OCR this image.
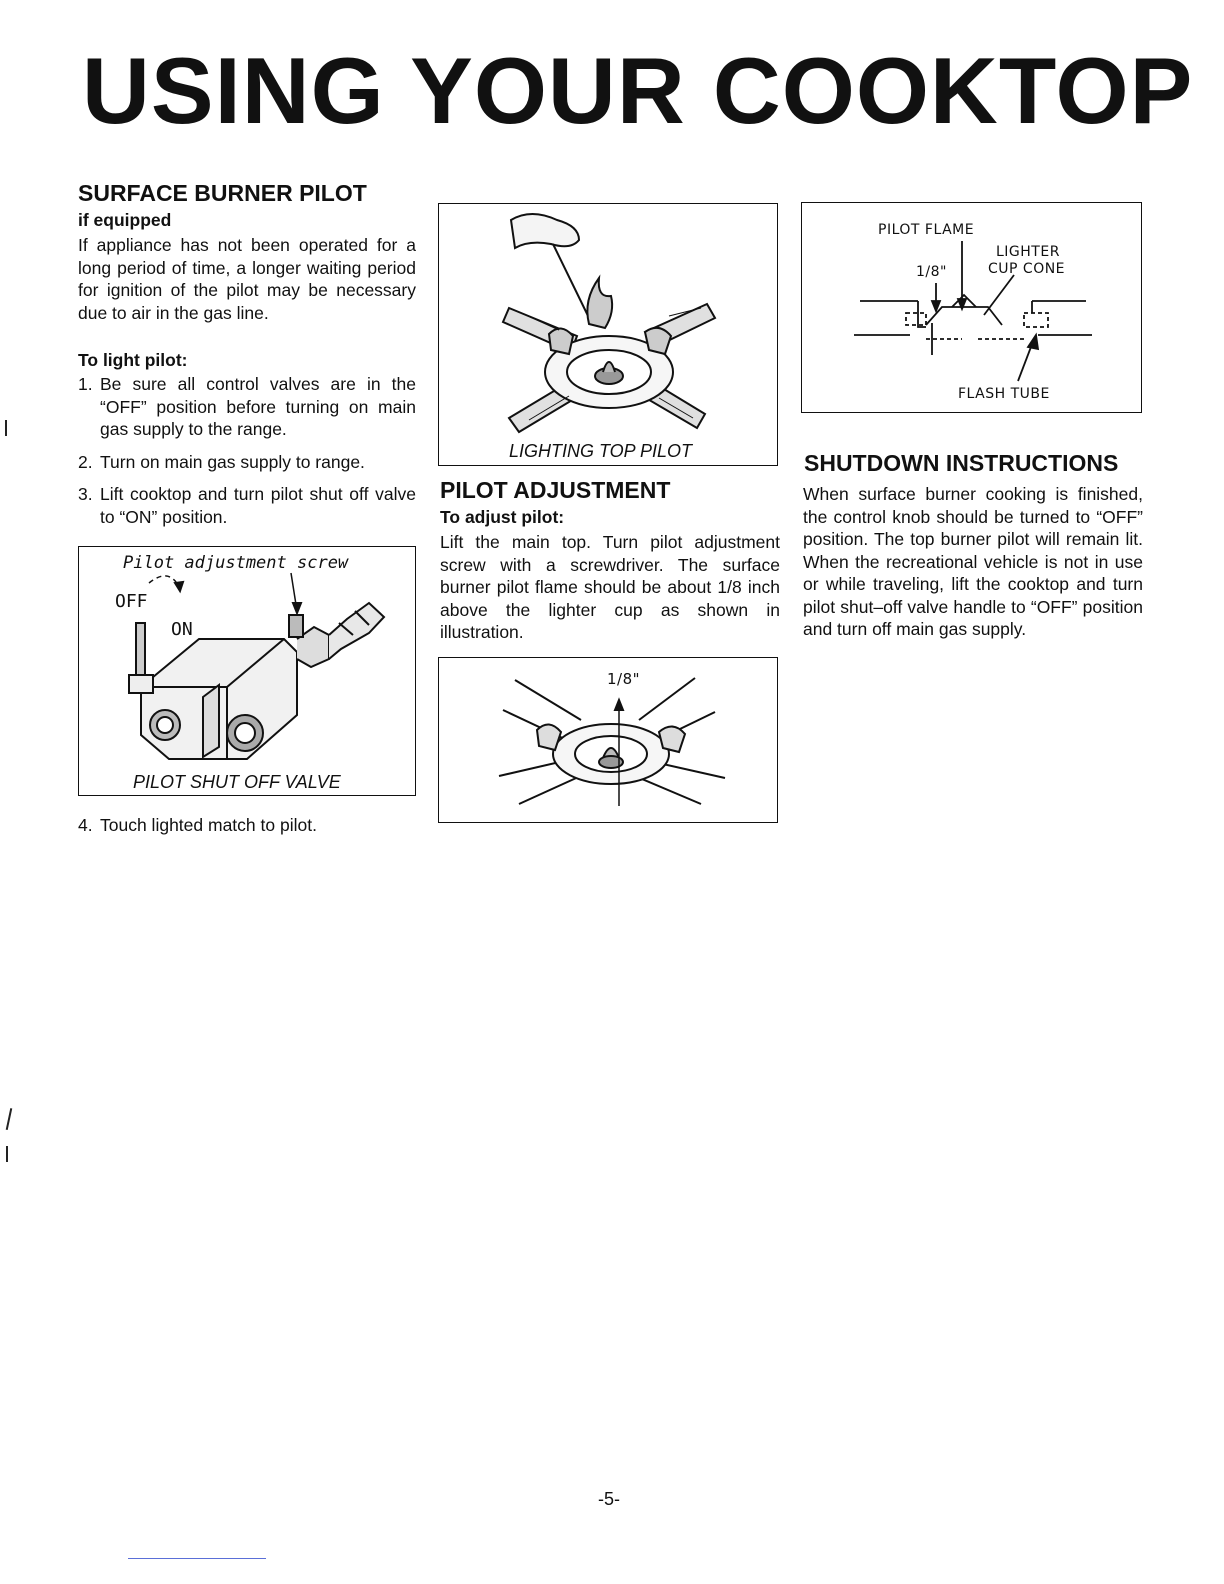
USING YOUR COOKTOP
SURFACE BURNER PILOT

if equipped

If appliance has not been operated for a long period of time, a longer waiting period for ignition of the pilot may be necessary due to air in the gas line.

To light pilot:

1. Be sure all control valves are in the “OFF” position before turning on main gas supply to the range.
2. Turn on main gas supply to range.
3. Lift cooktop and turn pilot shut off valve to “ON” position.
Pilot adjustment screw
OFF
ON
PILOT SHUT OFF VALVE
4. Touch lighted match to pilot.
LIGHTING TOP PILOT
PILOT ADJUSTMENT

To adjust pilot:

Lift the main top. Turn pilot adjustment screw with a screwdriver. The surface burner pilot flame should be about 1/8 inch above the lighter cup as shown in illustration.

1/8"
PILOT FLAME
LIGHTER
CUP CONE
1/8"
FLASH TUBE
SHUTDOWN INSTRUCTIONS

When surface burner cooking is finished, the control knob should be turned to “OFF” position. The top burner pilot will remain lit. When the recreational vehicle is not in use or while traveling, lift the cooktop and turn pilot shut–off valve handle to “OFF” position and turn off main gas supply.

-5-
